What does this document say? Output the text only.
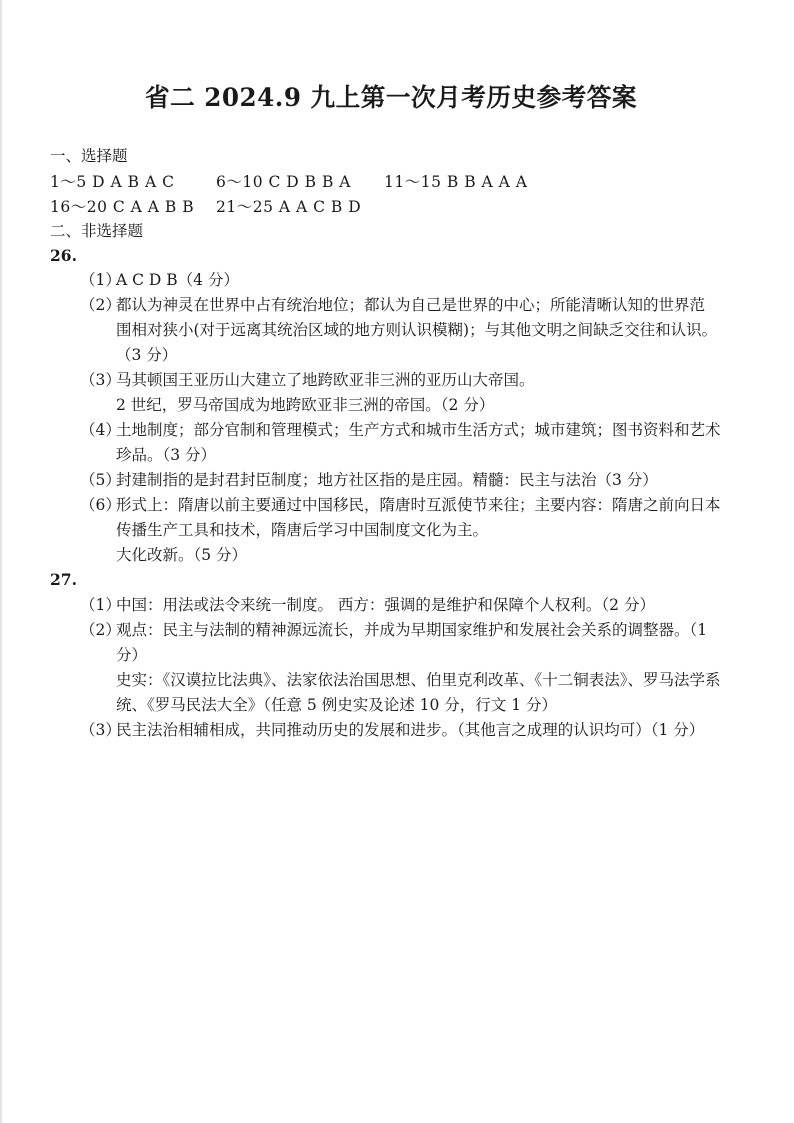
省二 2024.9 九上第一次月考历史参考答案
一、选择题
1～5 D A B A C	6～10 C D B B A 11～15 B B A A A
16～20 C A A B B 21～25 A A C B D
二、非选择题
26.
（1）
A C D B（4 分）
（2）
都认为神灵在世界中占有统治地位；都认为自己是世界的中心；所能清晰认知的世界范
围相对狭小(对于远离其统治区域的地方则认识模糊)；与其他文明之间缺乏交往和认识。
（3 分）
（3）
马其顿国王亚历山大建立了地跨欧亚非三洲的亚历山大帝国。
2 世纪，罗马帝国成为地跨欧亚非三洲的帝国。（2 分）
（4）
土地制度；部分官制和管理模式；生产方式和城市生活方式；城市建筑；图书资料和艺术
珍品。（3 分）
（5）
封建制指的是封君封臣制度；地方社区指的是庄园。精髓：民主与法治（3 分）
（6）
形式上：隋唐以前主要通过中国移民，隋唐时互派使节来往；主要内容：隋唐之前向日本
传播生产工具和技术，隋唐后学习中国制度文化为主。
大化改新。（5 分）
27.
（1）
中国：用法或法令来统一制度。 西方：强调的是维护和保障个人权利。（2 分）
（2）
观点：民主与法制的精神源远流长，并成为早期国家维护和发展社会关系的调整器。（1
分）
史实：《汉谟拉比法典》、法家依法治国思想、伯里克利改革、《十二铜表法》、罗马法学系
统、《罗马民法大全》（任意 5 例史实及论述 10 分，行文 1 分）
（3）
民主法治相辅相成，共同推动历史的发展和进步。（其他言之成理的认识均可）（1 分）
